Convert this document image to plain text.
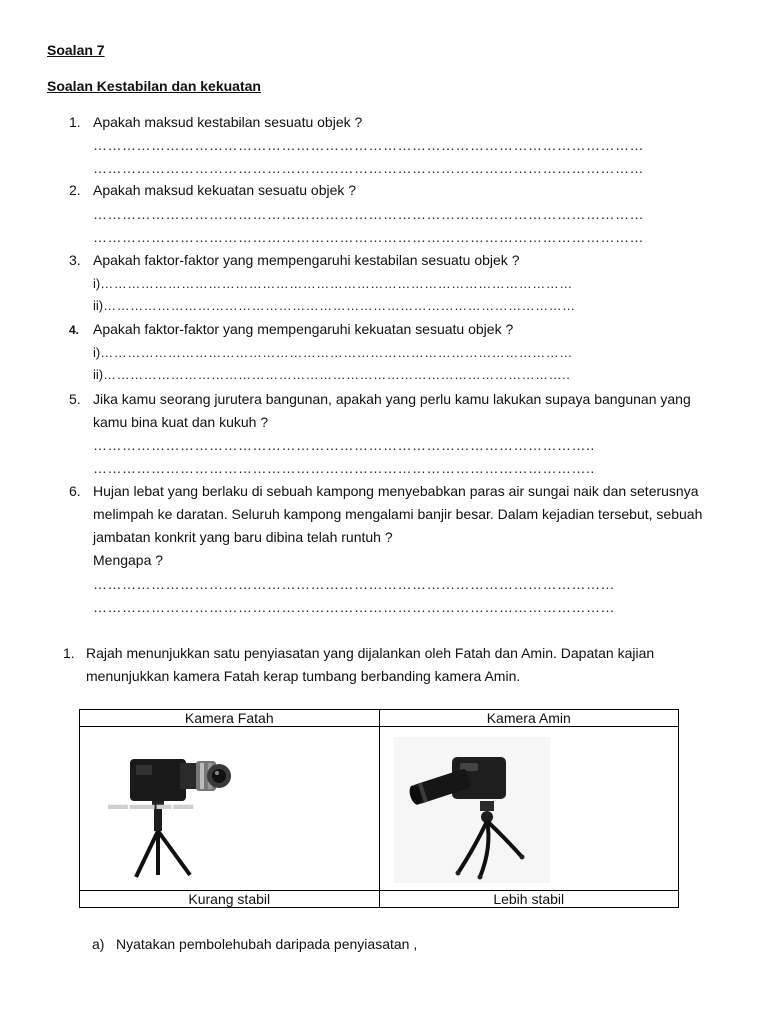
Soalan 7
Soalan Kestabilan dan kekuatan
1. Apakah maksud kestabilan sesuatu objek ?
……………………………………………………………………………………………………
……………………………………………………………………………………………………
2. Apakah maksud kekuatan sesuatu objek ?
……………………………………………………………………………………………………
……………………………………………………………………………………………………
3. Apakah faktor-faktor yang mempengaruhi kestabilan sesuatu objek ?
i)……………………………………………………………………………………………
ii)……………………………………………………………………………………………
4. Apakah faktor-faktor yang mempengaruhi kekuatan sesuatu objek ?
i)……………………………………………………………………………………………
ii)…………………………………………………………………………………………..
5. Jika kamu seorang jurutera bangunan, apakah yang perlu kamu lakukan supaya bangunan yang
kamu bina kuat dan kukuh ?
…………………………………………………………………………………………..
…………………………………………………………………………………………..
6. Hujan lebat yang berlaku di sebuah kampong menyebabkan paras air sungai naik dan seterusnya
melimpah ke daratan. Seluruh kampong mengalami banjir besar. Dalam kejadian tersebut, sebuah
jambatan konkrit yang baru dibina telah runtuh ?
Mengapa ?
………………………………………………………………………………………………
………………………………………………………………………………………………
1. Rajah menunjukkan satu penyiasatan yang dijalankan oleh Fatah dan Amin. Dapatan kajian
menunjukkan kamera Fatah kerap tumbang berbanding kamera Amin.
Kamera Fatah	Kamera Amin

▀▀▀▀ ▀▀▀▀▀ ▀▀▀ ▀▀▀▀

Kurang stabil	Lebih stabil
a) Nyatakan pembolehubah daripada penyiasatan ,
